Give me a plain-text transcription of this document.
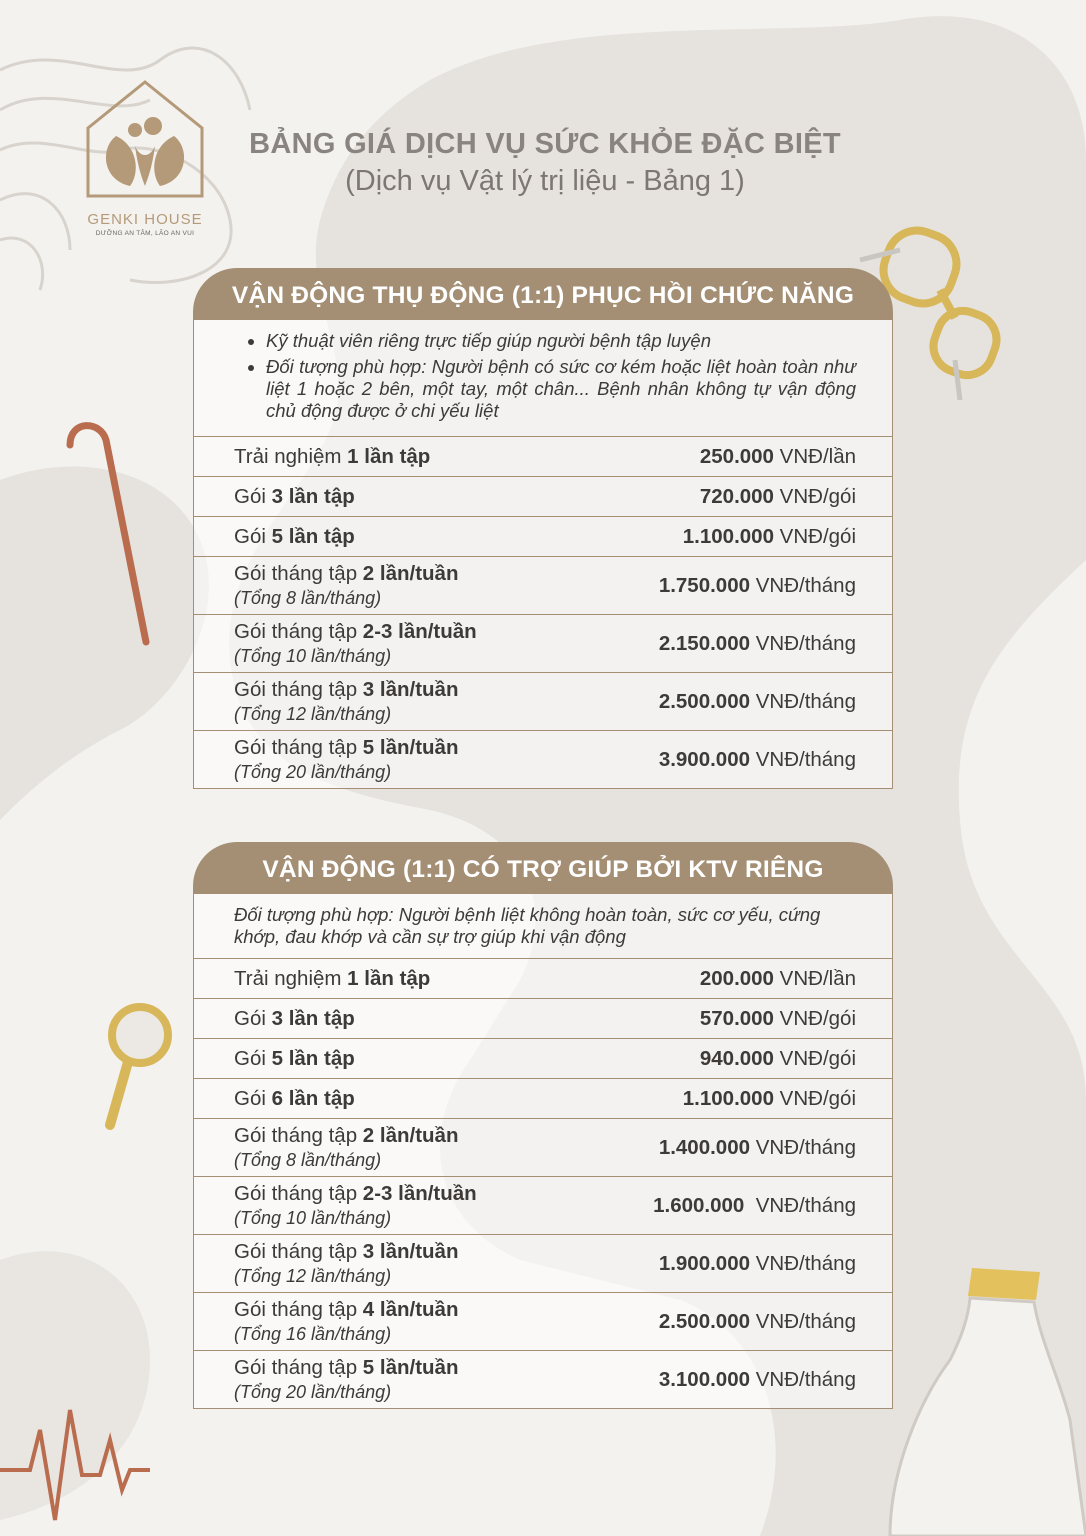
GENKI HOUSE
DƯỠNG AN TÂM, LÃO AN VUI
BẢNG GIÁ DỊCH VỤ SỨC KHỎE ĐẶC BIỆT
(Dịch vụ Vật lý trị liệu - Bảng 1)
VẬN ĐỘNG THỤ ĐỘNG (1:1) PHỤC HỒI CHỨC NĂNG
• Kỹ thuật viên riêng trực tiếp giúp người bệnh tập luyện
• Đối tượng phù hợp: Người bệnh có sức cơ kém hoặc liệt hoàn toàn như liệt 1 hoặc 2 bên, một tay, một chân... Bệnh nhân không tự vận động chủ động được ở chi yếu liệt
Trải nghiệm 1 lần tập	250.000 VNĐ/lần
Gói 3 lần tập	720.000 VNĐ/gói
Gói 5 lần tập	1.100.000 VNĐ/gói
Gói tháng tập 2 lần/tuần
(Tổng 8 lần/tháng)
1.750.000 VNĐ/tháng
Gói tháng tập 2-3 lần/tuần
(Tổng 10 lần/tháng)
2.150.000 VNĐ/tháng
Gói tháng tập 3 lần/tuần
(Tổng 12 lần/tháng)
2.500.000 VNĐ/tháng
Gói tháng tập 5 lần/tuần
(Tổng 20 lần/tháng)
3.900.000 VNĐ/tháng
VẬN ĐỘNG (1:1) CÓ TRỢ GIÚP BỞI KTV RIÊNG

Đối tượng phù hợp: Người bệnh liệt không hoàn toàn, sức cơ yếu, cứng khớp, đau khớp và cần sự trợ giúp khi vận động

Trải nghiệm 1 lần tập	200.000 VNĐ/lần
Gói 3 lần tập	570.000 VNĐ/gói
Gói 5 lần tập	940.000 VNĐ/gói
Gói 6 lần tập	1.100.000 VNĐ/gói
Gói tháng tập 2 lần/tuần
(Tổng 8 lần/tháng)
1.400.000 VNĐ/tháng
Gói tháng tập 2-3 lần/tuần
(Tổng 10 lần/tháng)
1.600.000  VNĐ/tháng
Gói tháng tập 3 lần/tuần
(Tổng 12 lần/tháng)
1.900.000 VNĐ/tháng
Gói tháng tập 4 lần/tuần
(Tổng 16 lần/tháng)
2.500.000 VNĐ/tháng
Gói tháng tập 5 lần/tuần
(Tổng 20 lần/tháng)
3.100.000 VNĐ/tháng
